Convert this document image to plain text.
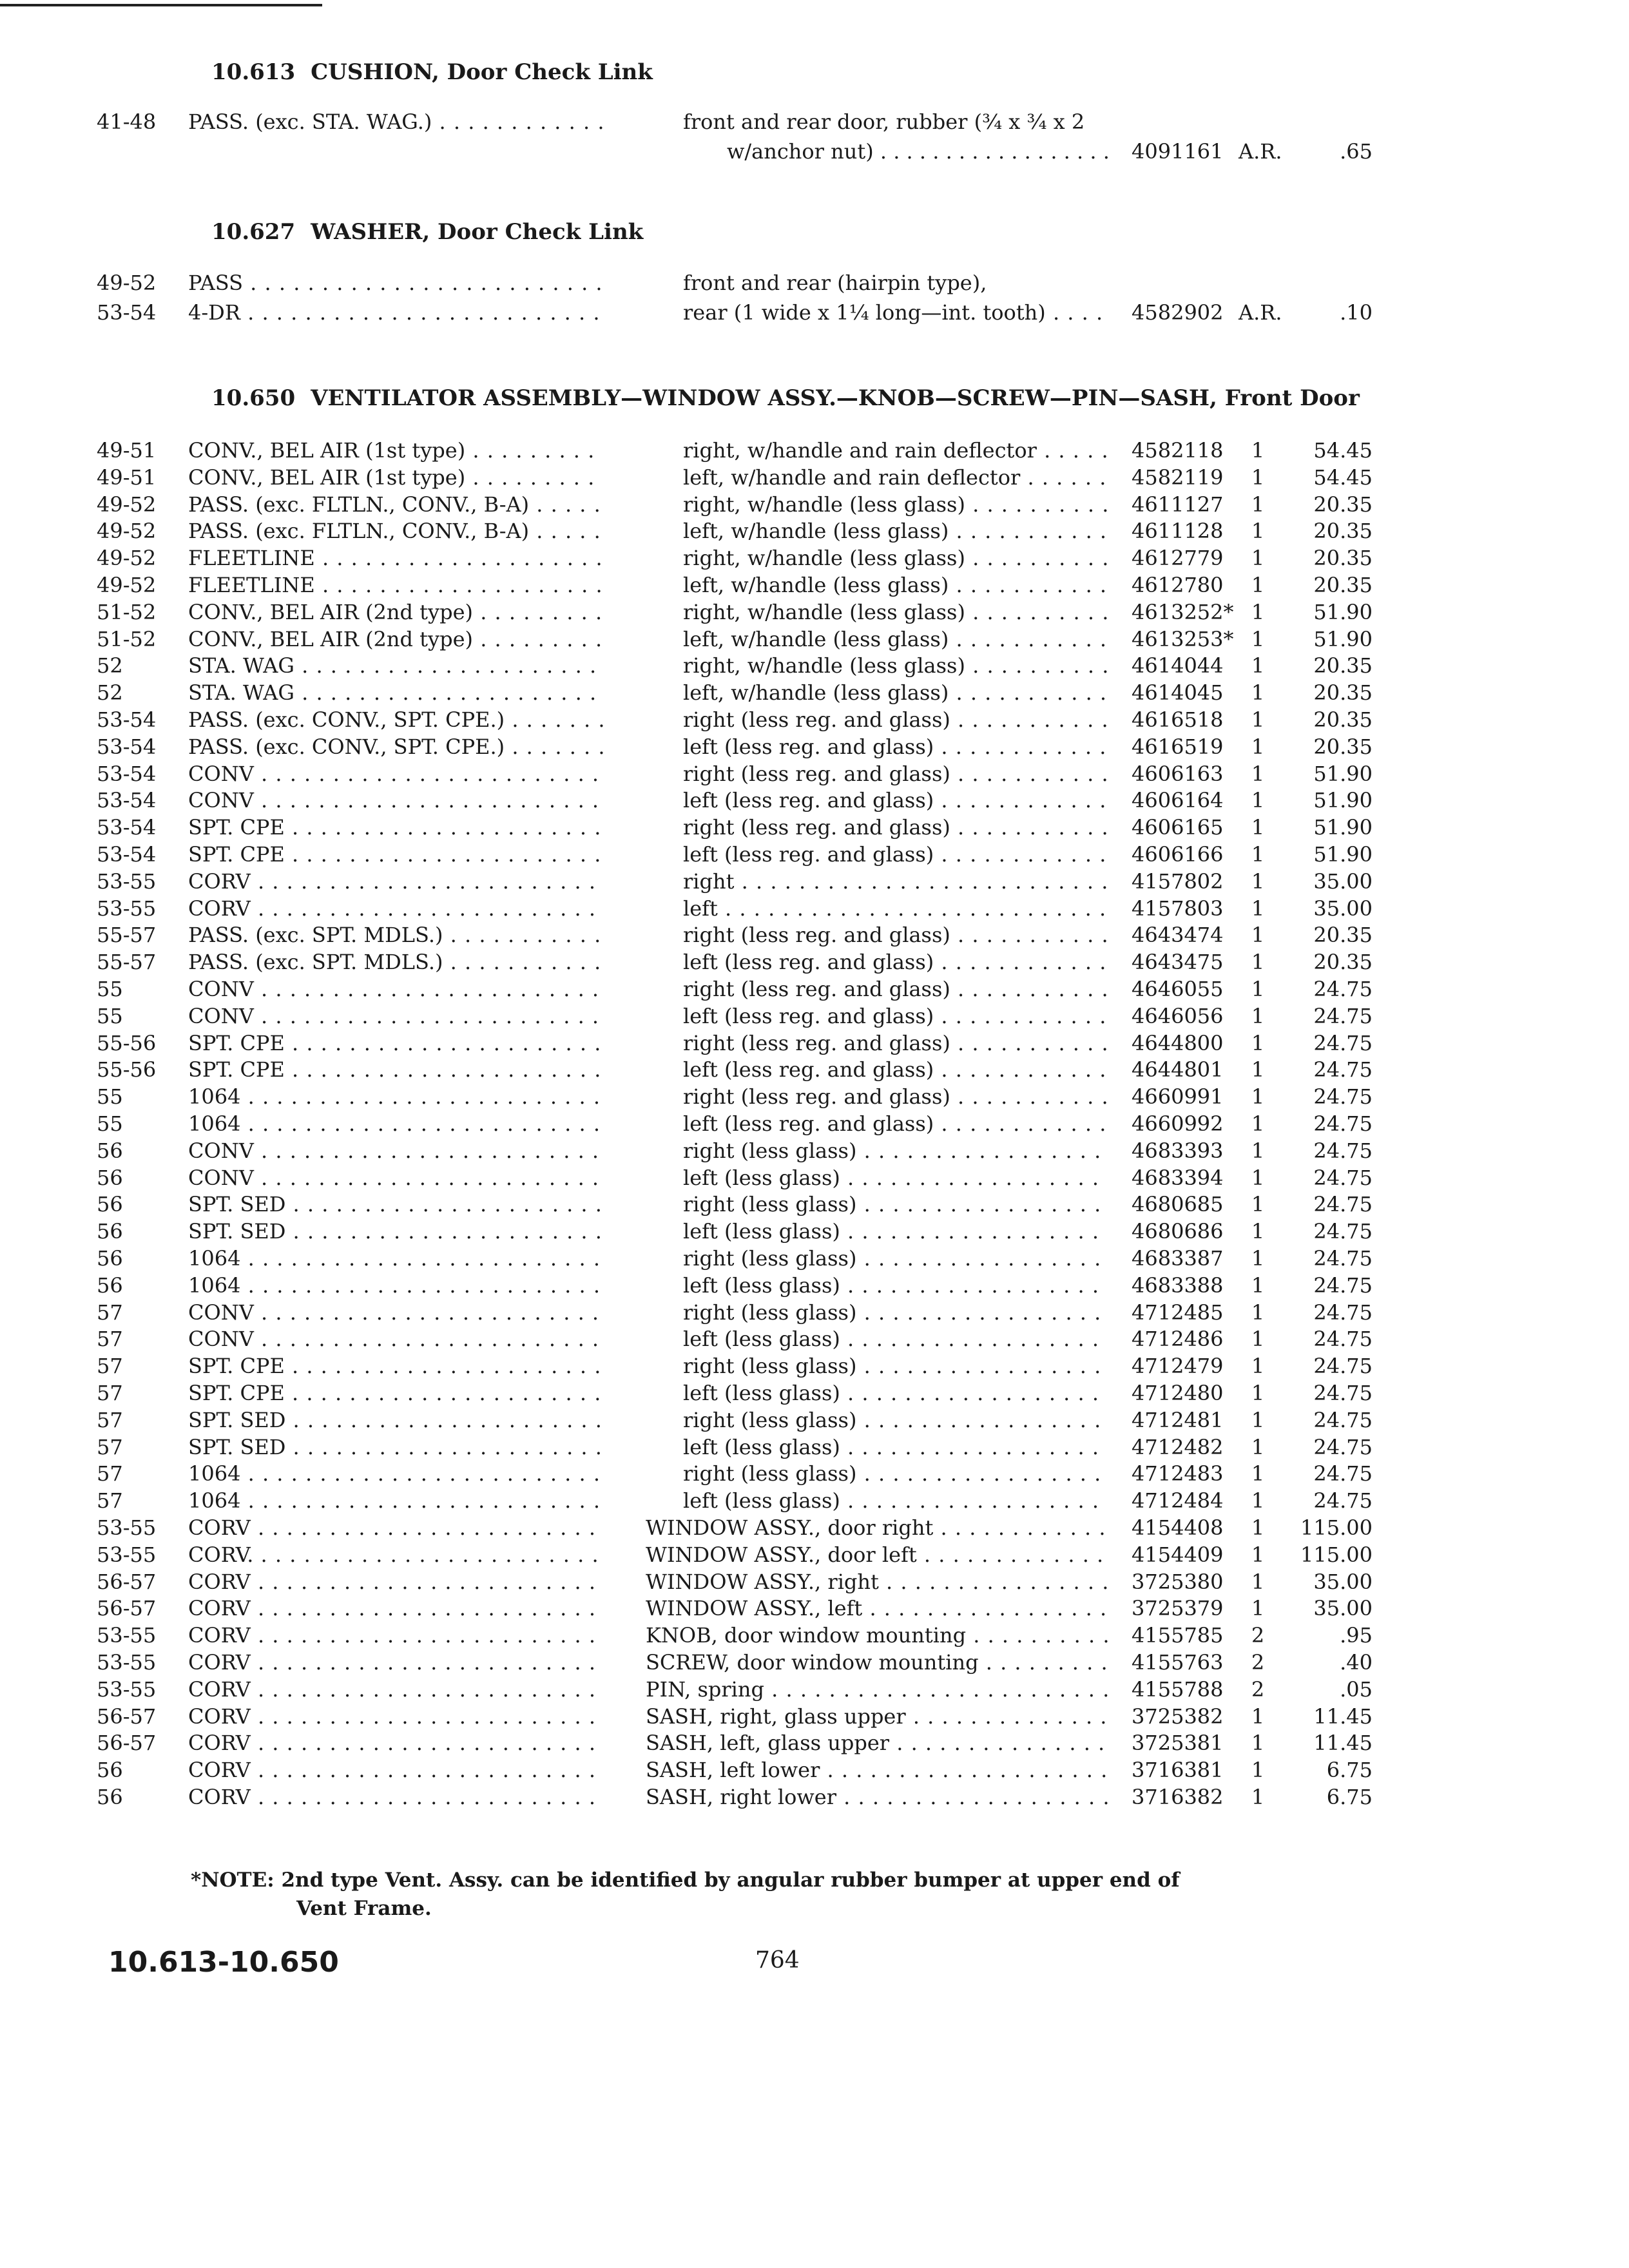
10.613 CUSHION, Door Check Link
41-48 PASS. (exc. STA. WAG.) . . .	front and rear door, rubber (¾ x ¾ x 2
w/anchor nut) . . .	4091161 A.R.	.65
10.627 WASHER, Door Check Link
49-52 PASS . . .	front and rear (hairpin type),
53-54 4-DR . . .	rear (1 wide x 1¼ long—int. tooth) . . .	4582902 A.R.	.10
10.650 VENTILATOR ASSEMBLY—WINDOW ASSY.—KNOB—SCREW—PIN—SASH, Front Door
49-51 CONV., BEL AIR (1st type) . . .	right, w/handle and rain deflector . . .	4582118	1	54.45
49-51 CONV., BEL AIR (1st type) . . .	left, w/handle and rain deflector . . .	4582119	1	54.45
49-52 PASS. (exc. FLTLN., CONV., B-A) . . .	right, w/handle (less glass) . . .	4611127	1	20.35
49-52 PASS. (exc. FLTLN., CONV., B-A) . . .	left, w/handle (less glass) . . .	4611128	1	20.35
49-52 FLEETLINE . . .	right, w/handle (less glass) . . .	4612779	1	20.35
49-52 FLEETLINE . . .	left, w/handle (less glass) . . .	4612780	1	20.35
51-52 CONV., BEL AIR (2nd type) . . .	right, w/handle (less glass) . . .	4613252* 1	51.90
51-52 CONV., BEL AIR (2nd type) . . .	left, w/handle (less glass) . . .	4613253* 1	51.90
52	STA. WAG . . .	right, w/handle (less glass) . . .	4614044	1	20.35
52	STA. WAG . . .	left, w/handle (less glass) . . .	4614045	1	20.35
53-54 PASS. (exc. CONV., SPT. CPE.) . . .	right (less reg. and glass) . . .	4616518	1	20.35
53-54 PASS. (exc. CONV., SPT. CPE.) . . .	left (less reg. and glass) . . .	4616519	1	20.35
53-54 CONV . . .	right (less reg. and glass) . . .	4606163	1	51.90
53-54 CONV . . .	left (less reg. and glass) . . .	4606164	1	51.90
53-54 SPT. CPE . . .	right (less reg. and glass) . . .	4606165	1	51.90
53-54 SPT. CPE . . .	left (less reg. and glass) . . .	4606166	1	51.90
53-55 CORV . . .	right . . .	4157802	1	35.00
53-55 CORV . . .	left . . .	4157803	1	35.00
55-57 PASS. (exc. SPT. MDLS.) . . .	right (less reg. and glass) . . .	4643474	1	20.35
55-57 PASS. (exc. SPT. MDLS.) . . .	left (less reg. and glass) . . .	4643475	1	20.35
55	CONV . . .	right (less reg. and glass) . . .	4646055	1	24.75
55	CONV . . .	left (less reg. and glass) . . .	4646056	1	24.75
55-56 SPT. CPE . . .	right (less reg. and glass) . . .	4644800	1	24.75
55-56 SPT. CPE . . .	left (less reg. and glass) . . .	4644801	1	24.75
55	1064 . . .	right (less reg. and glass) . . .	4660991	1	24.75
55	1064 . . .	left (less reg. and glass) . . .	4660992	1	24.75
56	CONV . . .	right (less glass) . . .	4683393	1	24.75
56	CONV . . .	left (less glass) . . .	4683394	1	24.75
56	SPT. SED . . .	right (less glass) . . .	4680685	1	24.75
56	SPT. SED . . .	left (less glass) . . .	4680686	1	24.75
56	1064 . . .	right (less glass) . . .	4683387	1	24.75
56	1064 . . .	left (less glass) . . .	4683388	1	24.75
57	CONV . . .	right (less glass) . . .	4712485	1	24.75
57	CONV . . .	left (less glass) . . .	4712486	1	24.75
57	SPT. CPE . . .	right (less glass) . . .	4712479	1	24.75
57	SPT. CPE . . .	left (less glass) . . .	4712480	1	24.75
57	SPT. SED . . .	right (less glass) . . .	4712481	1	24.75
57	SPT. SED . . .	left (less glass) . . .	4712482	1	24.75
57	1064 . . .	right (less glass) . . .	4712483	1	24.75
57	1064 . . .	left (less glass) . . .	4712484	1	24.75
53-55 CORV . . .	WINDOW ASSY., door right . . .	4154408	1	115.00
53-55 CORV. . . .	WINDOW ASSY., door left . . .	4154409	1	115.00
56-57 CORV . . .	WINDOW ASSY., right . . .	3725380	1	35.00
56-57 CORV . . .	WINDOW ASSY., left . . .	3725379	1	35.00
53-55 CORV . . .	KNOB, door window mounting . . .	4155785	2	.95
53-55 CORV . . .	SCREW, door window mounting . . .	4155763	2	.40
53-55 CORV . . .	PIN, spring . . .	4155788	2	.05
56-57 CORV . . .	SASH, right, glass upper . . .	3725382	1	11.45
56-57 CORV . . .	SASH, left, glass upper . . .	3725381	1	11.45
56	CORV . . .	SASH, left lower . . .	3716381	1	6.75
56	CORV . . .	SASH, right lower . . .	3716382	1	6.75
*NOTE: 2nd type Vent. Assy. can be identified by angular rubber bumper at upper end of
Vent Frame.
10.613-10.650	764
